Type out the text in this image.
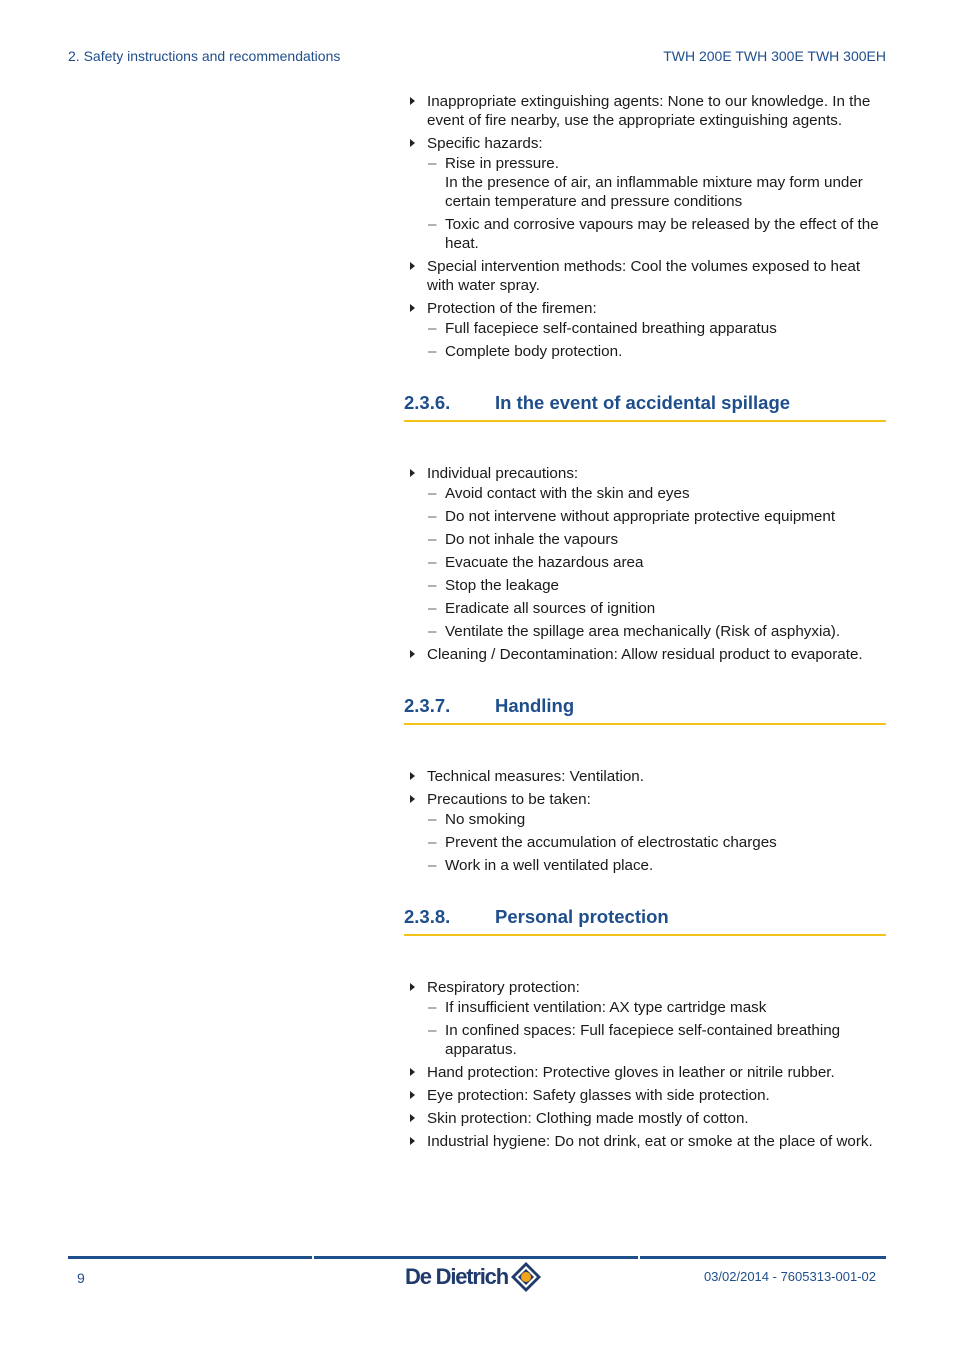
2. Safety instructions and recommendations	TWH 200E TWH 300E TWH 300EH
Inappropriate extinguishing agents: None to our knowledge. In the event of fire nearby, use the appropriate extinguishing agents.
Specific hazards:
– Rise in pressure.
In the presence of air, an inflammable mixture may form under certain temperature and pressure conditions
– Toxic and corrosive vapours may be released by the effect of the heat.
Special intervention methods: Cool the volumes exposed to heat with water spray.
Protection of the firemen:
– Full facepiece self-contained breathing apparatus
– Complete body protection.
2.3.6. In the event of accidental spillage
Individual precautions:
– Avoid contact with the skin and eyes
– Do not intervene without appropriate protective equipment
– Do not inhale the vapours
– Evacuate the hazardous area
– Stop the leakage
– Eradicate all sources of ignition
– Ventilate the spillage area mechanically (Risk of asphyxia).
Cleaning / Decontamination: Allow residual product to evaporate.
2.3.7. Handling
Technical measures: Ventilation.
Precautions to be taken:
– No smoking
– Prevent the accumulation of electrostatic charges
– Work in a well ventilated place.
2.3.8. Personal protection
Respiratory protection:
– If insufficient ventilation: AX type cartridge mask
– In confined spaces: Full facepiece self-contained breathing apparatus.
Hand protection: Protective gloves in leather or nitrile rubber.
Eye protection: Safety glasses with side protection.
Skin protection: Clothing made mostly of cotton.
Industrial hygiene: Do not drink, eat or smoke at the place of work.
9	De Dietrich	03/02/2014 - 7605313-001-02
